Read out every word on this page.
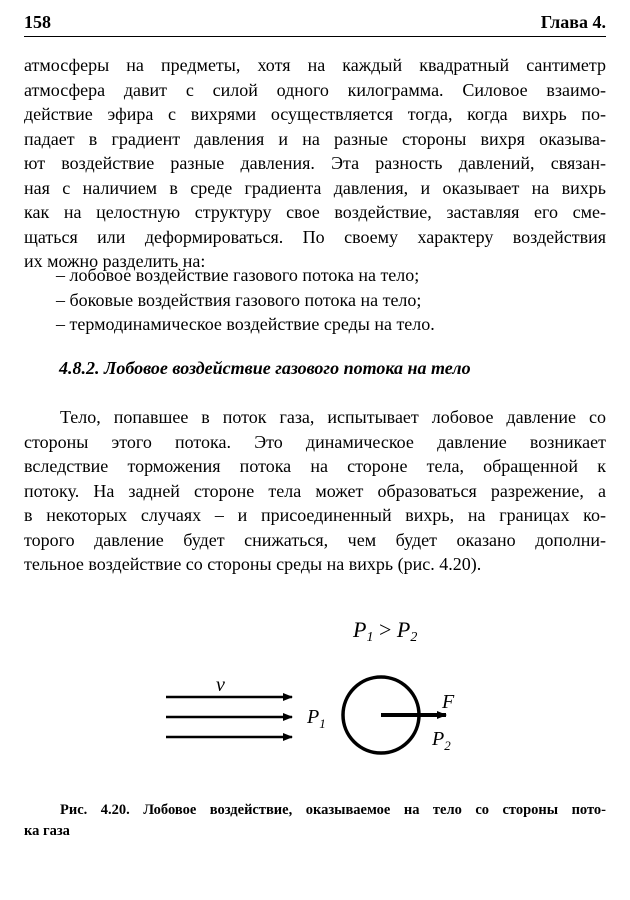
158	Глава 4.
атмосферы на предметы, хотя на каждый квадратный сантиметр
атмосфера давит с силой одного килограмма. Силовое взаимо-
действие эфира с вихрями осуществляется тогда, когда вихрь по-
падает в градиент давления и на разные стороны вихря оказыва-
ют воздействие разные давления. Эта разность давлений, связан-
ная с наличием в среде градиента давления, и оказывает на вихрь
как на целостную структуру свое воздействие, заставляя его сме-
щаться или деформироваться. По своему характеру воздействия
их можно разделить на:
– лобовое воздействие газового потока на тело;
– боковые воздействия газового потока на тело;
– термодинамическое воздействие среды на тело.
4.8.2. Лобовое воздействие газового потока на тело
Тело, попавшее в поток газа, испытывает лобовое давление со
стороны этого потока. Это динамическое давление возникает
вследствие торможения потока на стороне тела, обращенной к
потоку. На задней стороне тела может образоваться разрежение, а
в некоторых случаях – и присоединенный вихрь, на границах ко-
торого давление будет снижаться, чем будет оказано дополни-
тельное воздействие со стороны среды на вихрь (рис. 4.20).
P1 > P2
v
$P_1$
F
$P_2$
Рис. 4.20. Лобовое воздействие, оказываемое на тело со стороны пото-
ка газа
